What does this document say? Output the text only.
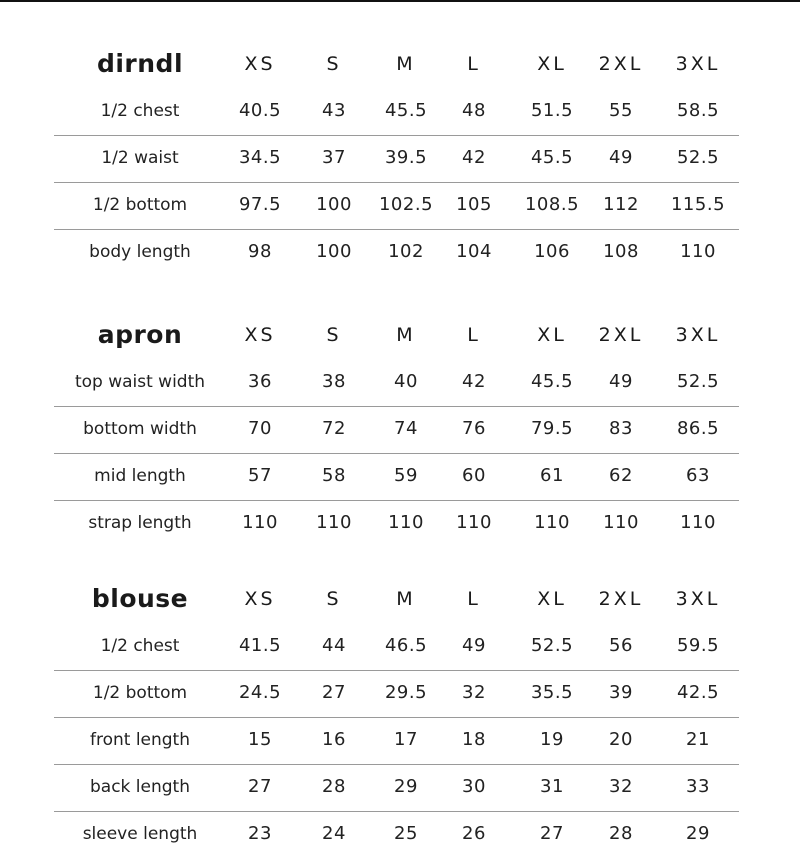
dirndl	XS	S	M	L	XL	2XL	3XL
1/2 chest	40.5	43	45.5	48	51.5	55	58.5
1/2 waist	34.5	37	39.5	42	45.5	49	52.5
1/2 bottom	97.5	100	102.5	105	108.5	112	115.5
body length	98	100	102	104	106	108	110
apron	XS	S	M	L	XL	2XL	3XL
top waist width	36	38	40	42	45.5	49	52.5
bottom width	70	72	74	76	79.5	83	86.5
mid length	57	58	59	60	61	62	63
strap length	110	110	110	110	110	110	110
blouse	XS	S	M	L	XL	2XL	3XL
1/2 chest	41.5	44	46.5	49	52.5	56	59.5
1/2 bottom	24.5	27	29.5	32	35.5	39	42.5
front length	15	16	17	18	19	20	21
back length	27	28	29	30	31	32	33
sleeve length	23	24	25	26	27	28	29
